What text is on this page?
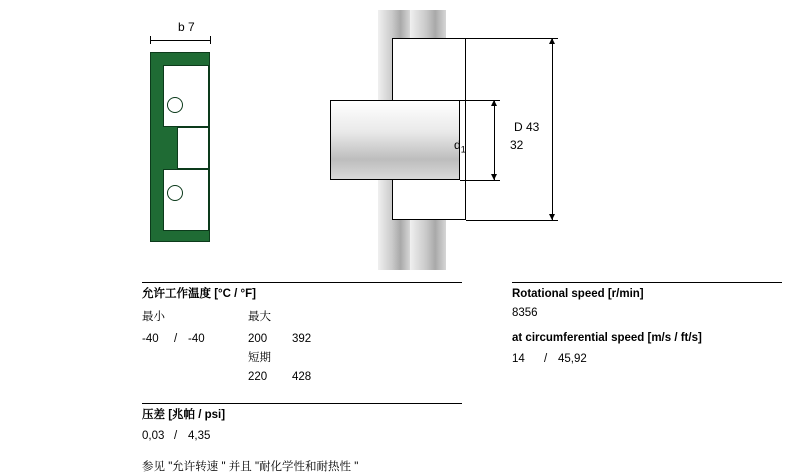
b 7
D 43
$d_1$	32
允许工作温度 [°C / °F]
最小	最大
-40	/ -40	200	392
短期
220	428
压差 [兆帕 / psi]
0,03 / 4,35
参见 "允许转速 " 并且 "耐化学性和耐热性 "
Rotational speed [r/min]
8356
at circumferential speed [m/s / ft/s]
14	/ 45,92
